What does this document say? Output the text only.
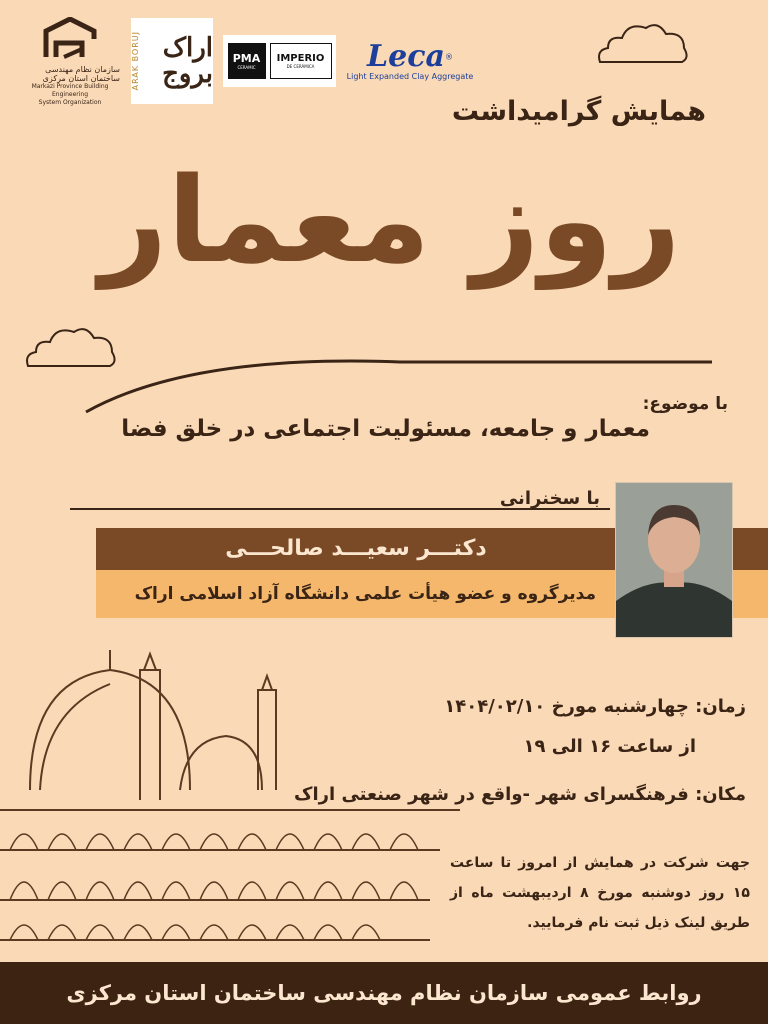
سازمان نظام مهندسی ساختمان استان مرکزی
Markazi Province Building Engineering
System Organization
ARAK BORUJ اراک بروج
PMA
CERAMIC
IMPERIO
DE CERÁMICA Leca®
Light Expanded Clay Aggregate
همایش گرامیداشت
روز معمار
با موضوع:
معمار و جامعه، مسئولیت اجتماعی در خلق فضا
با سخنرانی
دکتـــر سعیـــد صالحـــی
مدیرگروه و عضو هیأت علمی دانشگاه آزاد اسلامی اراک
زمان: چهارشنبه مورخ ۱۴۰۴/۰۲/۱۰
از ساعت ۱۶ الی ۱۹
مکان: فرهنگسرای شهر -واقع در شهر صنعتی اراک
جهت شرکت در همایش از امروز تا ساعت ۱۵ روز دوشنبه مورخ ۸ اردیبهشت ماه از طریق لینک ذیل ثبت نام فرمایید.
روابط عمومی سازمان نظام مهندسی ساختمان استان مرکزی
